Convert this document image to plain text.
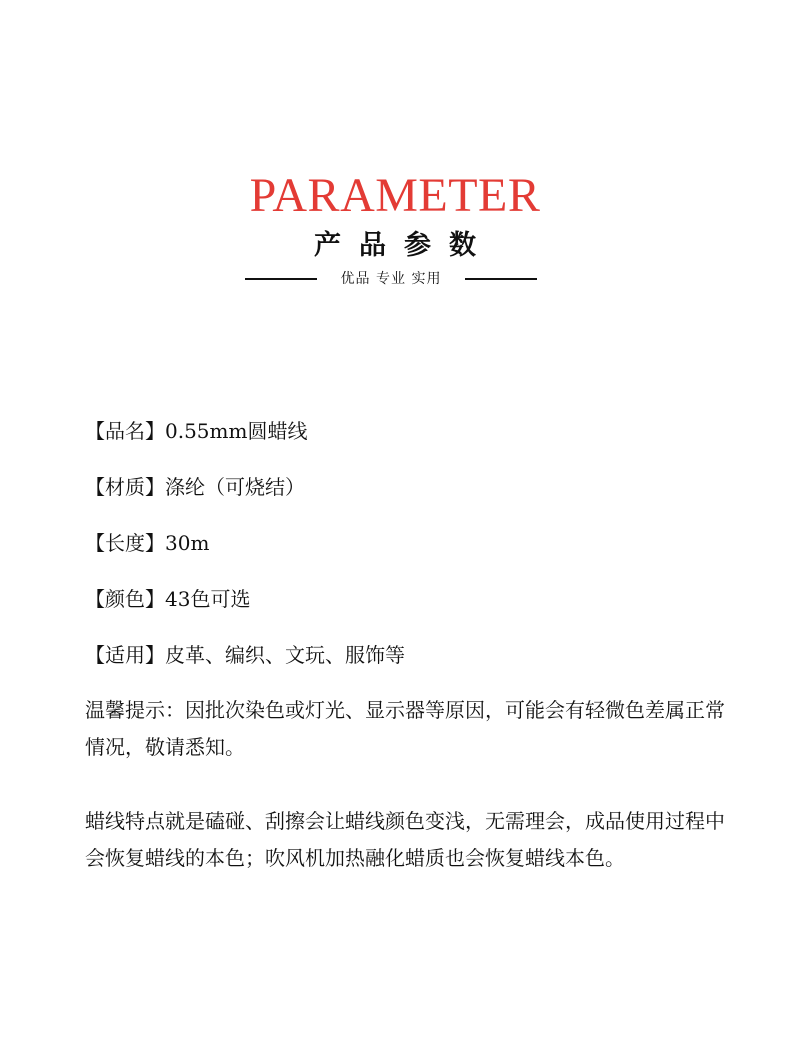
PARAMETER
产品参数
优品 专业 实用
【品名】0.55mm圆蜡线
【材质】涤纶（可烧结）
【长度】30m
【颜色】43色可选
【适用】皮革、编织、文玩、服饰等

温馨提示：因批次染色或灯光、显示器等原因，可能会有轻微色差属正常情况，敬请悉知。

蜡线特点就是磕碰、刮擦会让蜡线颜色变浅，无需理会，成品使用过程中会恢复蜡线的本色；吹风机加热融化蜡质也会恢复蜡线本色。
